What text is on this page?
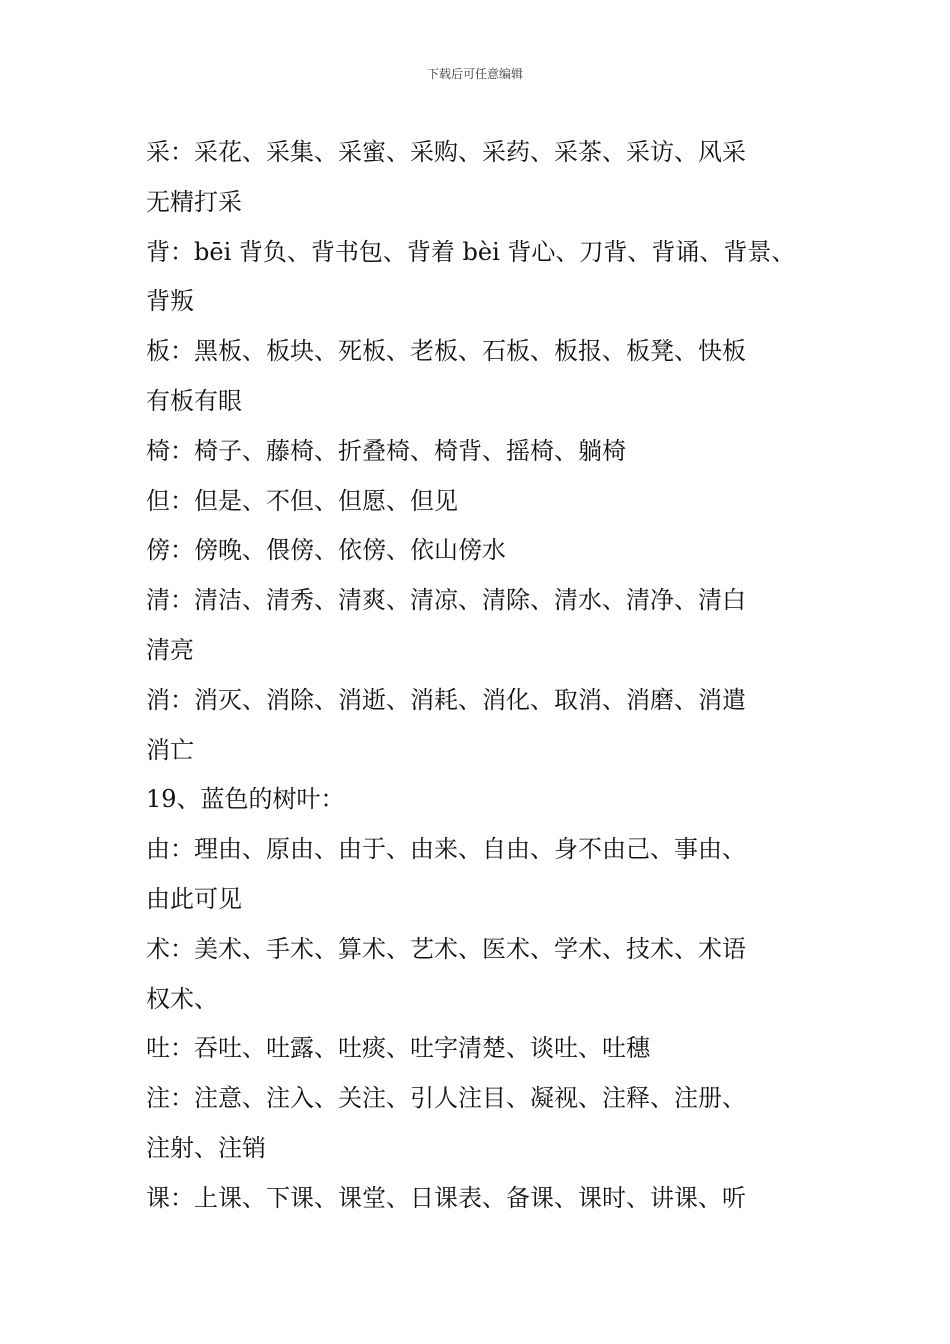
下载后可任意编辑
采：采花、采集、采蜜、采购、采药、采茶、采访、风采
无精打采
背：bēi 背负、背书包、背着 bèi 背心、刀背、背诵、背景、
背叛
板：黑板、板块、死板、老板、石板、板报、板凳、快板
有板有眼
椅：椅子、藤椅、折叠椅、椅背、摇椅、躺椅
但：但是、不但、但愿、但见
傍：傍晚、偎傍、依傍、依山傍水
清：清洁、清秀、清爽、清凉、清除、清水、清净、清白
清亮
消：消灭、消除、消逝、消耗、消化、取消、消磨、消遣
消亡
19、蓝色的树叶：
由：理由、原由、由于、由来、自由、身不由己、事由、
由此可见
术：美术、手术、算术、艺术、医术、学术、技术、术语
权术、
吐：吞吐、吐露、吐痰、吐字清楚、谈吐、吐穗
注：注意、注入、关注、引人注目、凝视、注释、注册、
注射、注销
课：上课、下课、课堂、日课表、备课、课时、讲课、听
